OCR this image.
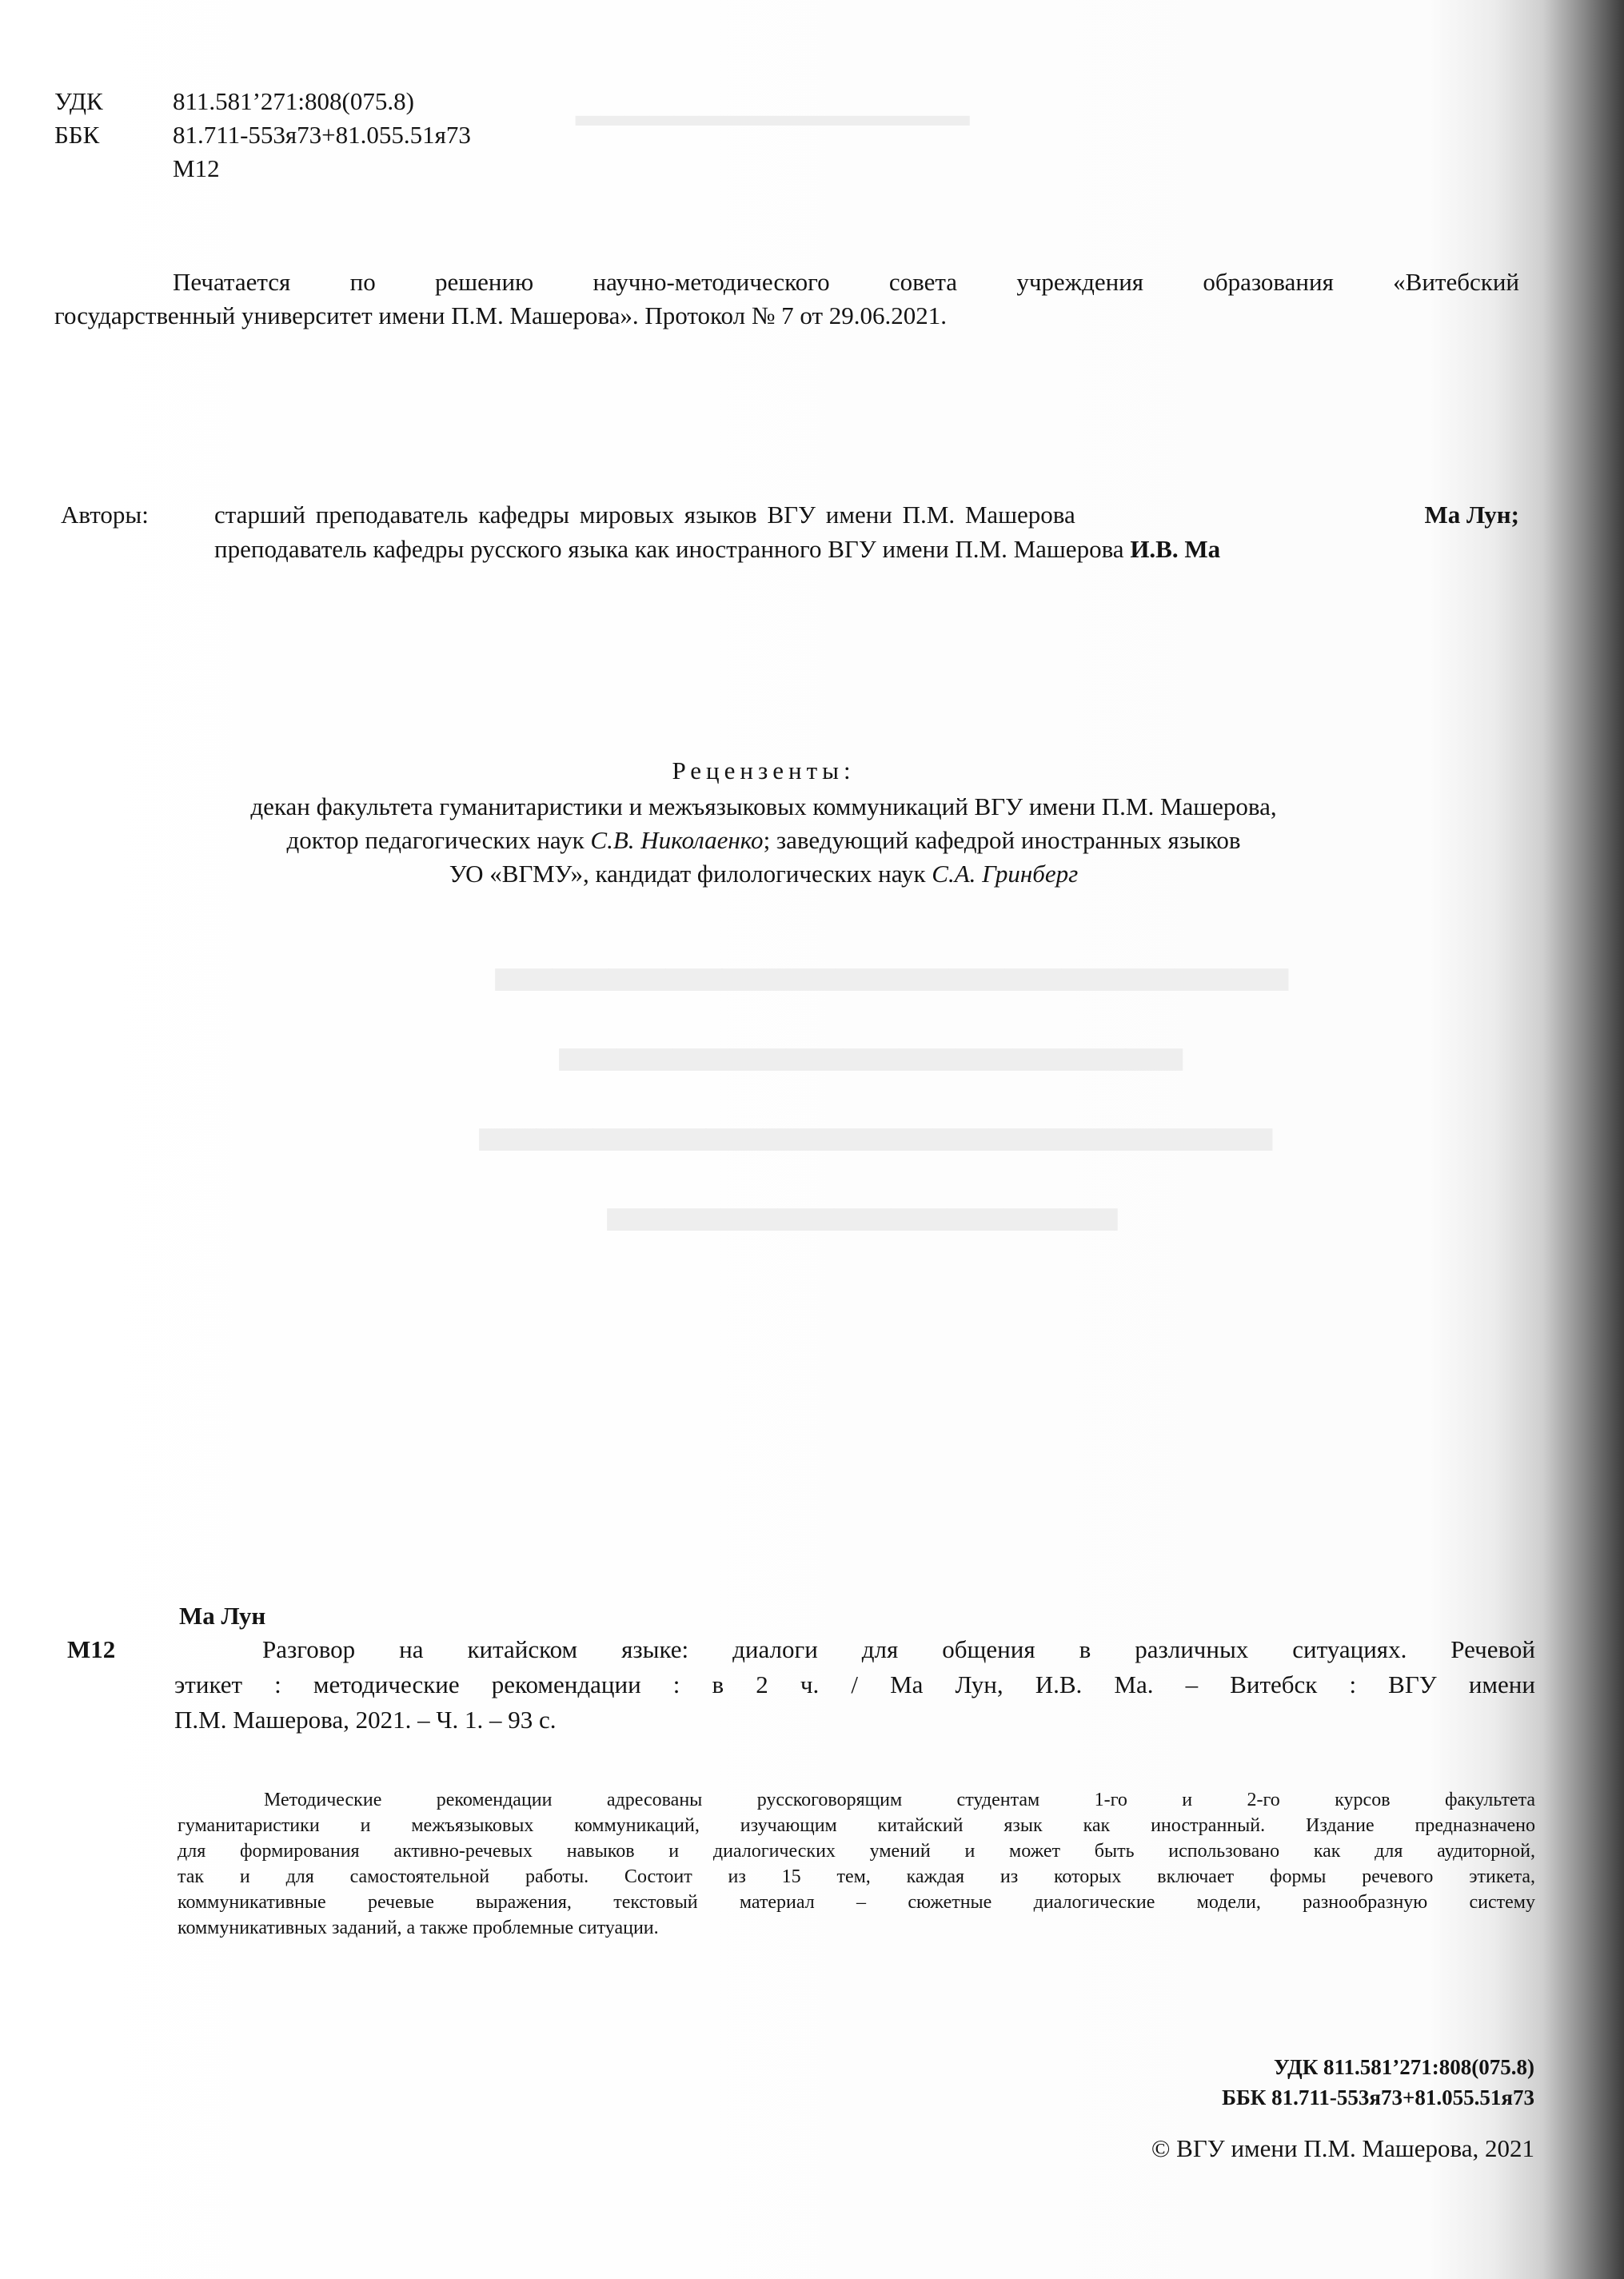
▂▂▂▂▂▂▂▂▂▂▂▂▂▂▂▂
▂▂▂▂▂▂▂▂▂▂▂▂▂▂
▂▂▂▂▂▂▂▂▂▂▂
▂▂▂▂▂▂▂▂▂▂▂▂▂▂
▂▂▂▂▂▂▂▂▂
УДК	811.581’271:808(075.8)
ББК	81.711-553я73+81.055.51я73
М12
Печатается по решению научно-методического совета учреждения образования «Витебский
государственный университет имени П.М. Машерова». Протокол № 7 от 29.06.2021.
Авторы:	старший преподаватель кафедры мировых языков ВГУ имени П.М. Машерова	Ма Лун;
преподаватель кафедры русского языка как иностранного ВГУ имени П.М. Машерова И.В. Ма
Рецензенты:
декан факультета гуманитаристики и межъязыковых коммуникаций ВГУ имени П.М. Машерова,
доктор педагогических наук С.В. Николаенко; заведующий кафедрой иностранных языков
УО «ВГМУ», кандидат филологических наук С.А. Гринберг
Ма Лун
М12	Разговор на китайском языке: диалоги для общения в различных ситуациях. Речевой
этикет : методические рекомендации : в 2 ч. / Ма Лун, И.В. Ма. – Витебск : ВГУ имени
П.М. Машерова, 2021. – Ч. 1. – 93 с.
Методические рекомендации адресованы русскоговорящим студентам 1-го и 2-го курсов факультета
гуманитаристики и межъязыковых коммуникаций, изучающим китайский язык как иностранный. Издание предназначено
для формирования активно-речевых навыков и диалогических умений и может быть использовано как для аудиторной,
так и для самостоятельной работы. Состоит из 15 тем, каждая из которых включает формы речевого этикета,
коммуникативные речевые выражения, текстовый материал – сюжетные диалогические модели, разнообразную систему
коммуникативных заданий, а также проблемные ситуации.
УДК 811.581’271:808(075.8)
ББК 81.711-553я73+81.055.51я73
© ВГУ имени П.М. Машерова, 2021
